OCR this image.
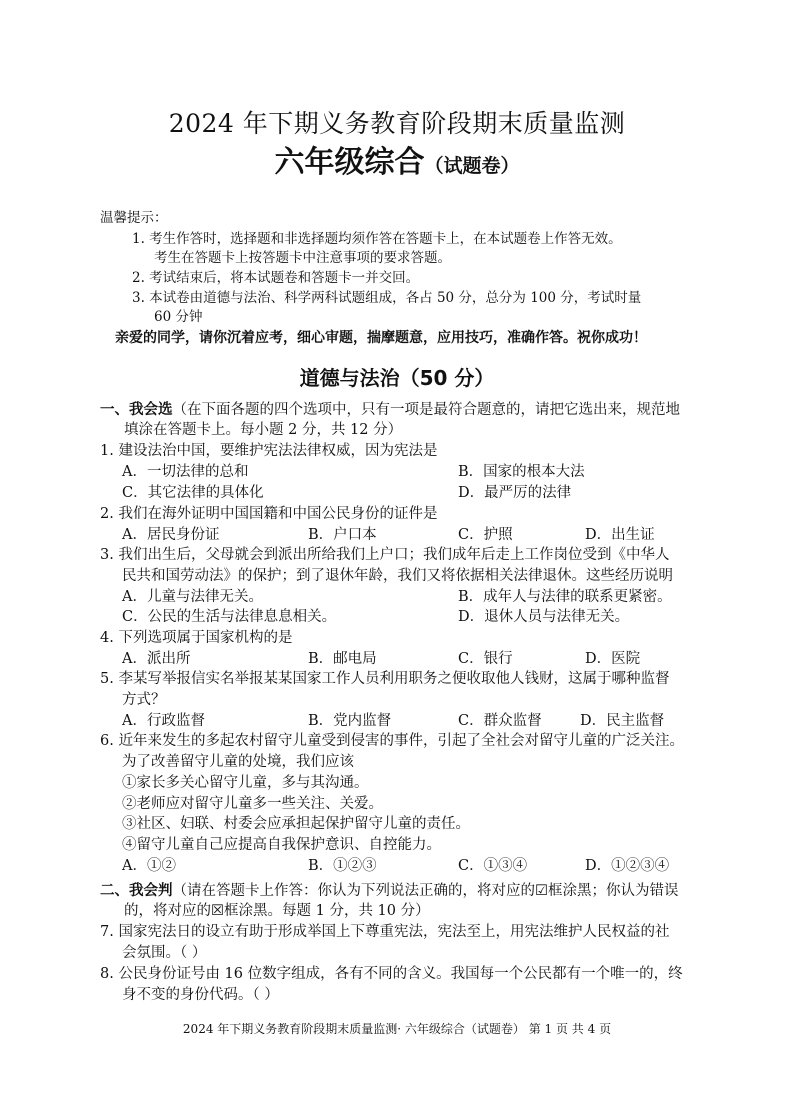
2024 年下期义务教育阶段期末质量监测
六年级综合（试题卷）
温馨提示：
1. 考生作答时，选择题和非选择题均须作答在答题卡上，在本试题卷上作答无效。
考生在答题卡上按答题卡中注意事项的要求答题。
2. 考试结束后，将本试题卷和答题卡一并交回。
3. 本试卷由道德与法治、科学两科试题组成，各占 50 分，总分为 100 分，考试时量
60 分钟
亲爱的同学，请你沉着应考，细心审题，揣摩题意，应用技巧，准确作答。祝你成功！
道德与法治（50 分）
一、我会选（在下面各题的四个选项中，只有一项是最符合题意的，请把它选出来，规范地
填涂在答题卡上。每小题 2 分，共 12 分）
1. 建设法治中国，要维护宪法法律权威，因为宪法是
A．一切法律的总和	B．国家的根本大法
C．其它法律的具体化	D．最严厉的法律
2. 我们在海外证明中国国籍和中国公民身份的证件是
A．居民身份证	B．户口本	C．护照	D．出生证
3. 我们出生后，父母就会到派出所给我们上户口；我们成年后走上工作岗位受到《中华人
民共和国劳动法》的保护；到了退休年龄，我们又将依据相关法律退休。这些经历说明
A．儿童与法律无关。	B．成年人与法律的联系更紧密。
C．公民的生活与法律息息相关。	D．退休人员与法律无关。
4. 下列选项属于国家机构的是
A．派出所	B．邮电局	C．银行	D．医院
5. 李某写举报信实名举报某某国家工作人员利用职务之便收取他人钱财，这属于哪种监督
方式？
A．行政监督	B．党内监督	C．群众监督	D．民主监督
6. 近年来发生的多起农村留守儿童受到侵害的事件，引起了全社会对留守儿童的广泛关注。
为了改善留守儿童的处境，我们应该
①家长多关心留守儿童，多与其沟通。
②老师应对留守儿童多一些关注、关爱。
③社区、妇联、村委会应承担起保护留守儿童的责任。
④留守儿童自己应提高自我保护意识、自控能力。
A．①②	B．①②③	C．①③④	D．①②③④
二、我会判（请在答题卡上作答：你认为下列说法正确的，将对应的☑框涂黑；你认为错误
的，将对应的☒框涂黑。每题 1 分，共 10 分）
7. 国家宪法日的设立有助于形成举国上下尊重宪法，宪法至上，用宪法维护人民权益的社
会氛围。（ ）
8. 公民身份证号由 16 位数字组成，各有不同的含义。我国每一个公民都有一个唯一的，终
身不变的身份代码。（ ）
2024 年下期义务教育阶段期末质量监测· 六年级综合（试题卷） 第 1 页 共 4 页
